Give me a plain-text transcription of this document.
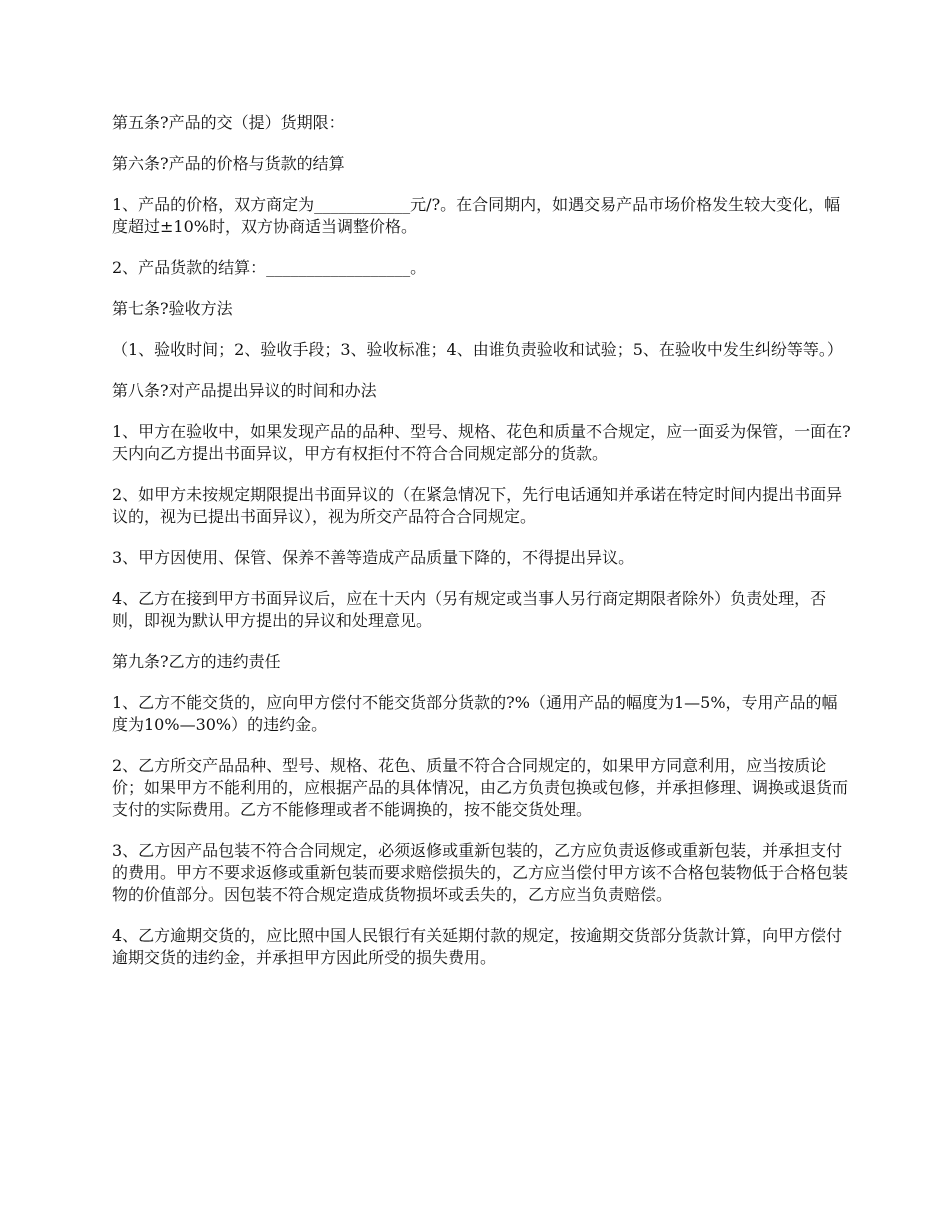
第五条?产品的交（提）货期限：

第六条?产品的价格与货款的结算

1、产品的价格，双方商定为____________元/?。在合同期内，如遇交易产品市场价格发生较大变化，幅度超过±10%时，双方协商适当调整价格。

2、产品货款的结算：__________________。

第七条?验收方法

（1、验收时间；2、验收手段；3、验收标准；4、由谁负责验收和试验；5、在验收中发生纠纷等等。）

第八条?对产品提出异议的时间和办法

1、甲方在验收中，如果发现产品的品种、型号、规格、花色和质量不合规定，应一面妥为保管，一面在?天内向乙方提出书面异议，甲方有权拒付不符合合同规定部分的货款。

2、如甲方未按规定期限提出书面异议的（在紧急情况下，先行电话通知并承诺在特定时间内提出书面异议的，视为已提出书面异议），视为所交产品符合合同规定。

3、甲方因使用、保管、保养不善等造成产品质量下降的，不得提出异议。

4、乙方在接到甲方书面异议后，应在十天内（另有规定或当事人另行商定期限者除外）负责处理，否则，即视为默认甲方提出的异议和处理意见。

第九条?乙方的违约责任

1、乙方不能交货的，应向甲方偿付不能交货部分货款的?%（通用产品的幅度为1—5%，专用产品的幅度为10%—30%）的违约金。

2、乙方所交产品品种、型号、规格、花色、质量不符合合同规定的，如果甲方同意利用，应当按质论价；如果甲方不能利用的，应根据产品的具体情况，由乙方负责包换或包修，并承担修理、调换或退货而支付的实际费用。乙方不能修理或者不能调换的，按不能交货处理。

3、乙方因产品包装不符合合同规定，必须返修或重新包装的，乙方应负责返修或重新包装，并承担支付的费用。甲方不要求返修或重新包装而要求赔偿损失的，乙方应当偿付甲方该不合格包装物低于合格包装物的价值部分。因包装不符合规定造成货物损坏或丢失的，乙方应当负责赔偿。

4、乙方逾期交货的，应比照中国人民银行有关延期付款的规定，按逾期交货部分货款计算，向甲方偿付逾期交货的违约金，并承担甲方因此所受的损失费用。
